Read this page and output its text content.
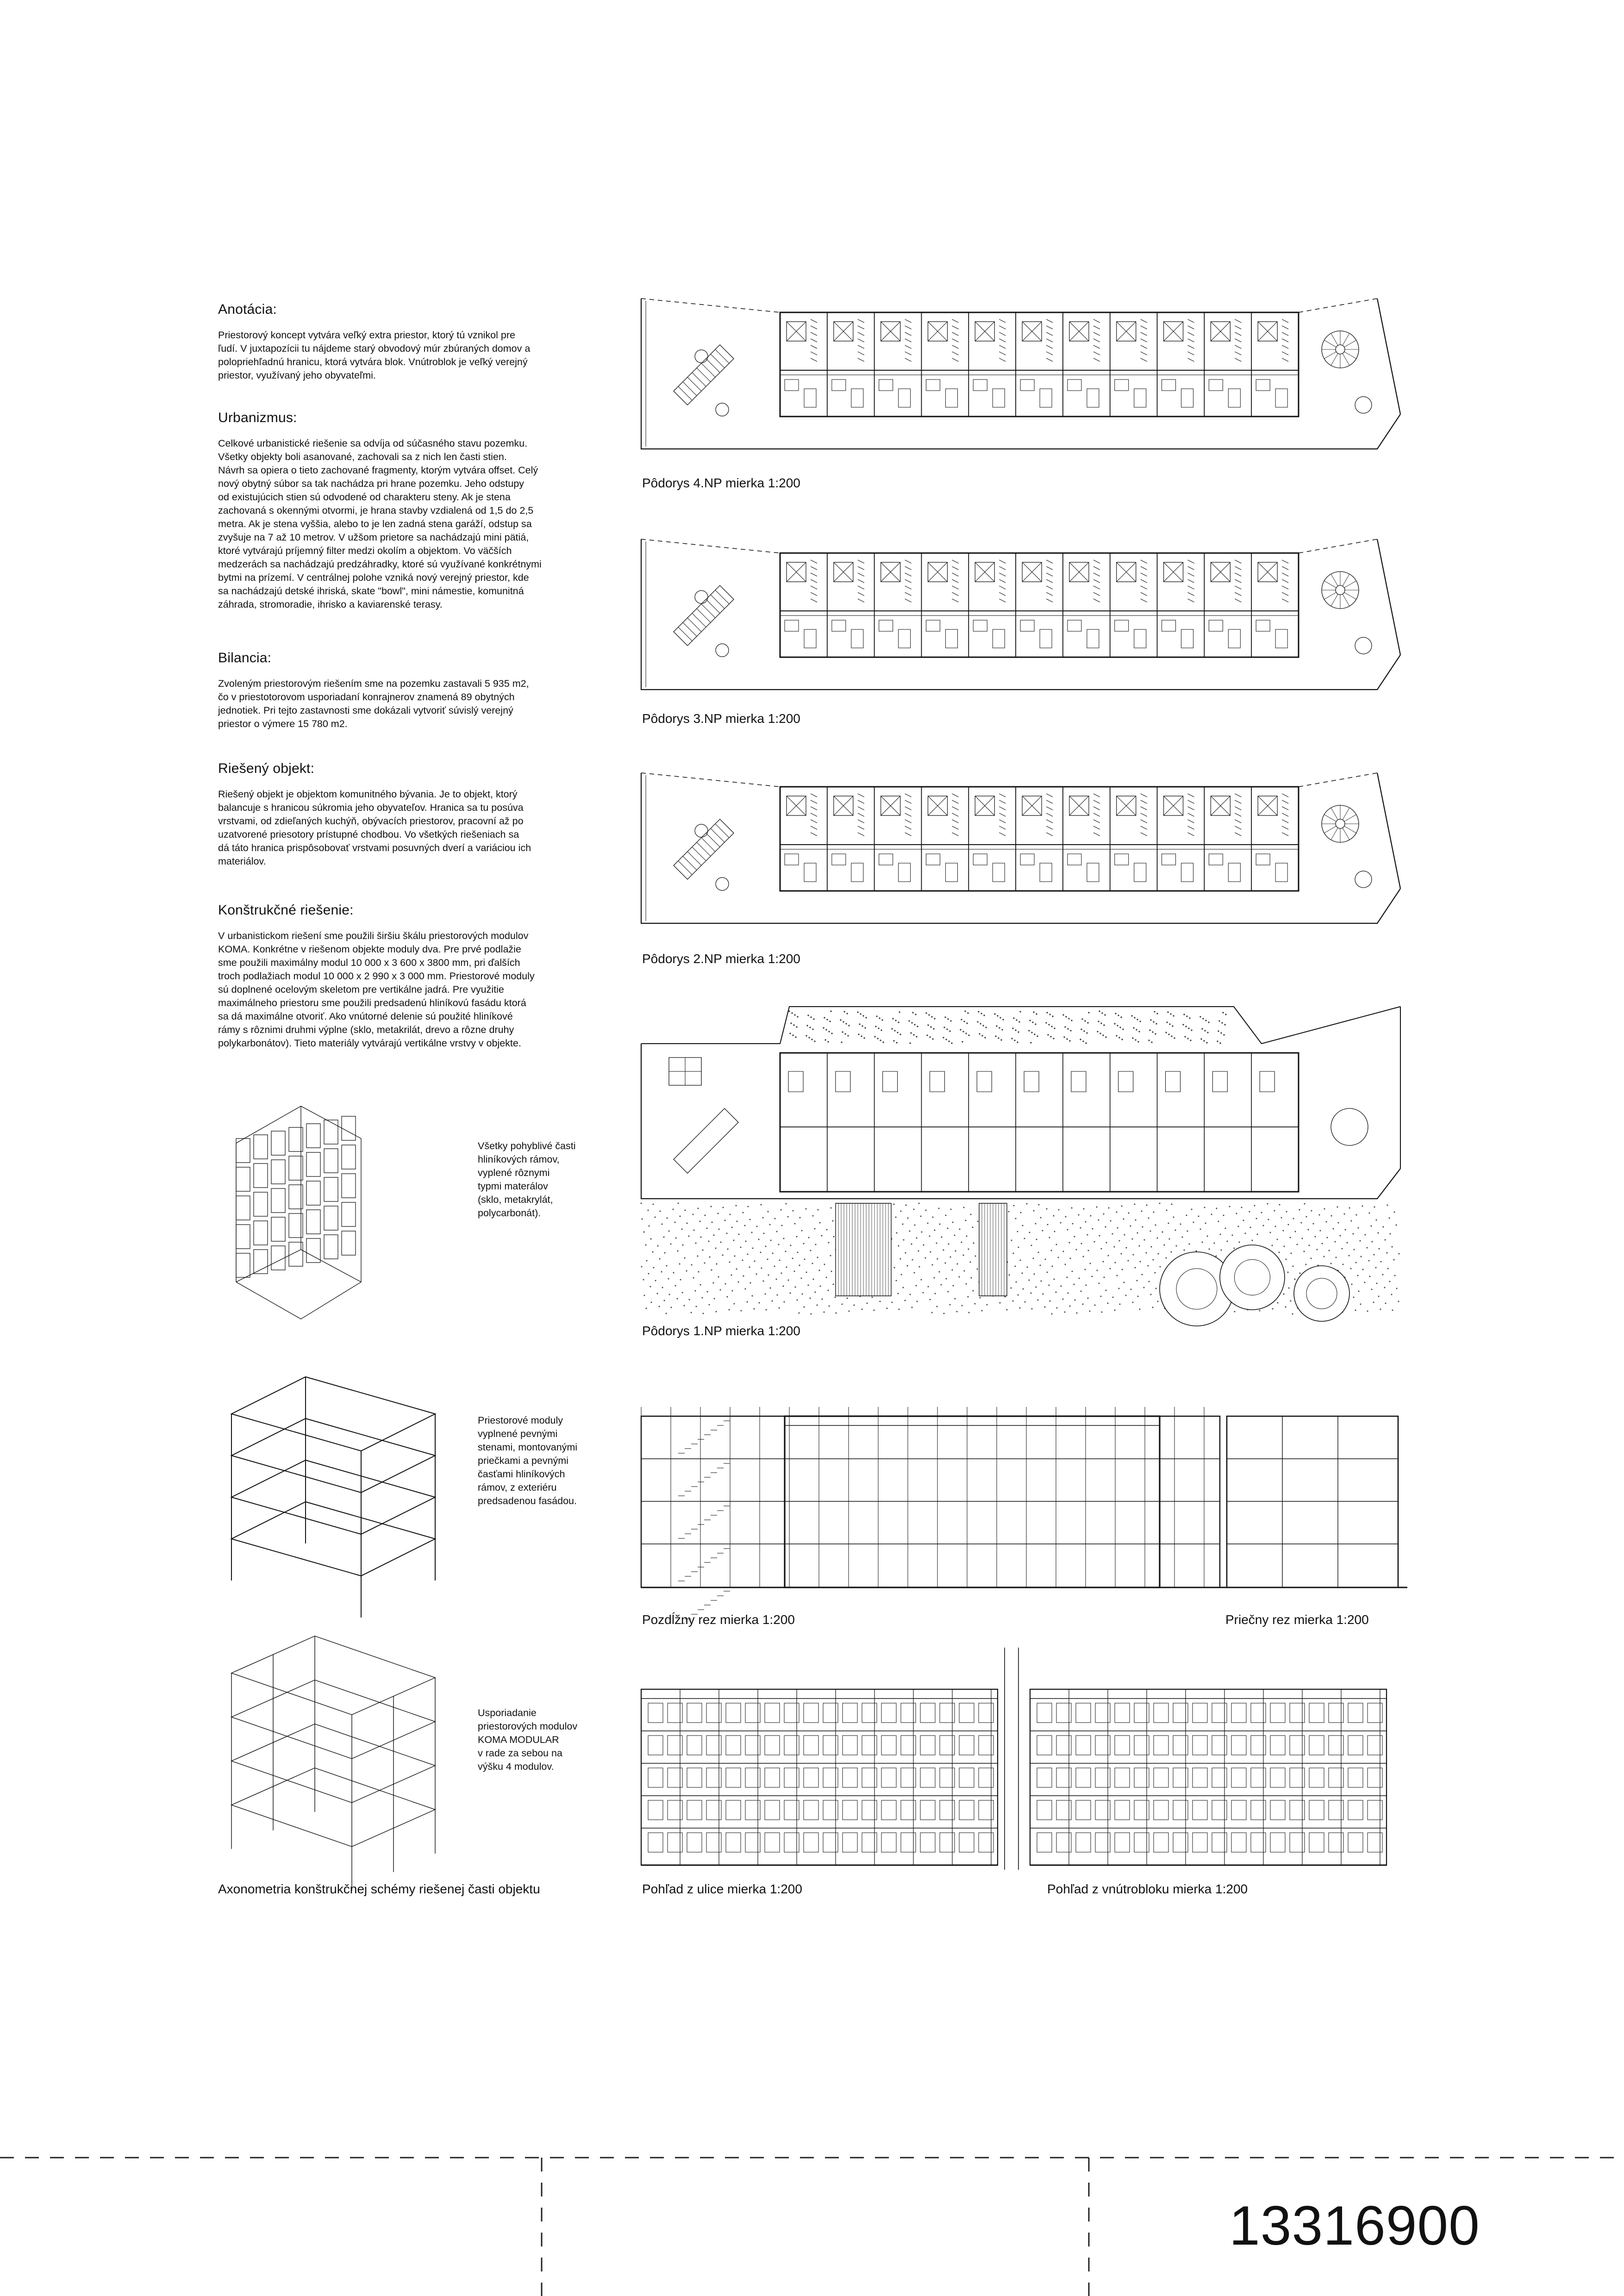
Anotácia:
Priestorový koncept vytvára veľký extra priestor, ktorý tú vznikol pre
ľudí. V juxtapozícii tu nájdeme starý obvodový múr zbúraných domov a
polopriehľadnú hranicu, ktorá vytvára blok. Vnútroblok je veľký verejný
priestor, využívaný jeho obyvateľmi.
Urbanizmus:
Celkové urbanistické riešenie sa odvíja od súčasného stavu pozemku.
Všetky objekty boli asanované, zachovali sa z nich len časti stien.
Návrh sa opiera o tieto zachované fragmenty, ktorým vytvára offset. Celý
nový obytný súbor sa tak nachádza pri hrane pozemku. Jeho odstupy
od existujúcich stien sú odvodené od charakteru steny. Ak je stena
zachovaná s okennými otvormi, je hrana stavby vzdialená od 1,5 do 2,5
metra. Ak je stena vyššia, alebo to je len zadná stena garáží, odstup sa
zvyšuje na 7 až 10 metrov. V užšom prietore sa nachádzajú mini pätiá,
ktoré vytvárajú príjemný filter medzi okolím a objektom. Vo väčších
medzerách sa nachádzajú predzáhradky, ktoré sú využívané konkrétnymi
bytmi na prízemí. V centrálnej polohe vzniká nový verejný priestor, kde
sa nachádzajú detské ihriská, skate "bowl", mini námestie, komunitná
záhrada, stromoradie, ihrisko a kaviarenské terasy.
Bilancia:
Zvoleným priestorovým riešením sme na pozemku zastavali 5 935 m2,
čo v priestotorovom usporiadaní konrajnerov znamená 89 obytných
jednotiek. Pri tejto zastavnosti sme dokázali vytvoriť súvislý verejný
priestor o výmere 15 780 m2.
Riešený objekt:
Riešený objekt je objektom komunitného bývania. Je to objekt, ktorý
balancuje s hranicou súkromia jeho obyvateľov. Hranica sa tu posúva
vrstvami, od zdieľaných kuchýň, obývacích priestorov, pracovní až po
uzatvorené priesotory prístupné chodbou. Vo všetkých riešeniach sa
dá táto hranica prispôsobovať vrstvami posuvných dverí a variáciou ich
materiálov.
Konštrukčné riešenie:
V urbanistickom riešení sme použili širšiu škálu priestorových modulov
KOMA. Konkrétne v riešenom objekte moduly dva. Pre prvé podlažie
sme použili maximálny modul 10 000 x 3 600 x 3800 mm, pri ďalších
troch podlažiach modul 10 000 x 2 990 x 3 000 mm. Priestorové moduly
sú doplnené ocelovým skeletom pre vertikálne jadrá. Pre využitie
maximálneho priestoru sme použili predsadenú hliníkovú fasádu ktorá
sa dá maximálne otvoriť. Ako vnútorné delenie sú použité hliníkové
rámy s rôznimi druhmi výplne (sklo, metakrilát, drevo a rôzne druhy
polykarbonátov). Tieto materiály vytvárajú vertikálne vrstvy v objekte.
Všetky pohyblivé časti
hliníkových rámov,
vyplené rôznymi
typmi materálov
(sklo, metakrylát,
polycarbonát).
Priestorové moduly
vyplnené pevnými
stenami, montovanými
priečkami a pevnými
časťami hliníkových
rámov, z exteriéru
predsadenou fasádou.
Usporiadanie
priestorových modulov
KOMA MODULAR
v rade za sebou na
výšku 4 modulov.
Axonometria konštrukčnej schémy riešenej časti objektu
Pôdorys 4.NP mierka 1:200
Pôdorys 3.NP mierka 1:200
Pôdorys 2.NP mierka 1:200
Pôdorys 1.NP mierka 1:200
Pozdĺžny rez mierka 1:200	Priečny rez mierka 1:200
Pohľad z ulice mierka 1:200	Pohľad z vnútrobloku mierka 1:200
13316900
